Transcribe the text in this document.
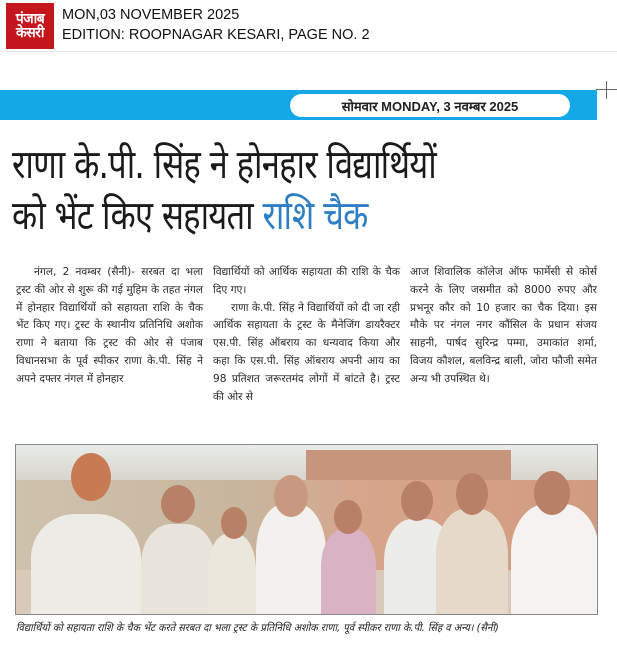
पंजाब
केसरी
MON,03 NOVEMBER 2025
EDITION: ROOPNAGAR KESARI, PAGE NO. 2
सोमवार MONDAY, 3 नवम्बर 2025
राणा के.पी. सिंह ने होनहार विद्यार्थियों
को भेंट किए सहायता राशि चैक

नंगल, 2 नवम्बर (सैनी)- सरबत दा भला ट्रस्ट की ओर से शुरू की गई मुहिम के तहत नंगल में होनहार विद्यार्थियों को सहायता राशि के चैक भेंट किए गए। ट्रस्ट के स्थानीय प्रतिनिधि अशोक राणा ने बताया कि ट्रस्ट की ओर से पंजाब विधानसभा के पूर्व स्पीकर राणा के.पी. सिंह ने अपने दफ्तर नंगल में होनहार

विद्यार्थियों को आर्थिक सहायता की राशि के चैक दिए गए।

राणा के.पी. सिंह ने विद्यार्थियों को दी जा रही आर्थिक सहायता के ट्रस्ट के मैनेजिंग डायरैक्टर एस.पी. सिंह ऑबराय का धन्यवाद किया और कहा कि एस.पी. सिंह ऑबराय अपनी आय का 98 प्रतिशत जरूरतमंद लोगों में बांटते है। ट्रस्ट की ओर से

आज शिवालिक कॉलेज ऑफ फार्मेसी से कोर्स करने के लिए जसमीत को 8000 रुपए और प्रभनूर कौर को 10 हजार का चैक दिया। इस मौके पर नंगल नगर कौंसिल के प्रधान संजय साहनी, पार्षद सुरिन्द्र पम्मा, उमाकांत शर्मा, विजय कौशल, बलविन्द्र बाली, जोरा फौजी समेत अन्य भी उपस्थित थे।

विद्यार्थियों को सहायता राशि के चैक भेंट करते सरबत दा भला ट्रस्ट के प्रतिनिधि अशोक राणा, पूर्व स्पीकर राणा के.पी. सिंह व अन्य। (सैनी)
